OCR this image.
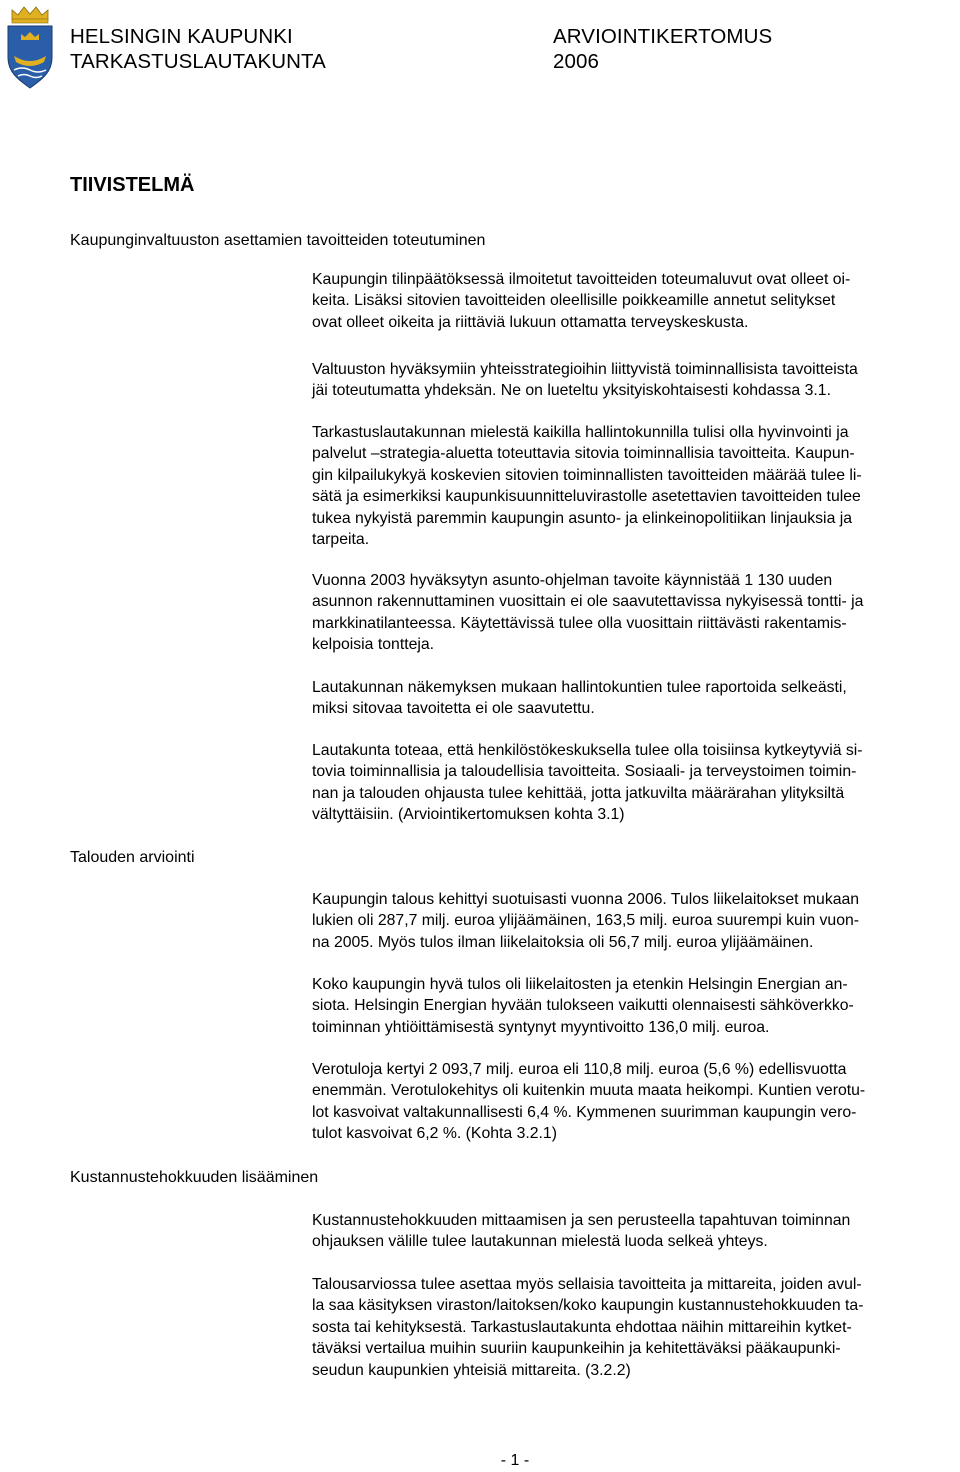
HELSINGIN KAUPUNKI
TARKASTUSLAUTAKUNTA
ARVIOINTIKERTOMUS
2006
TIIVISTELMÄ
Kaupunginvaltuuston asettamien tavoitteiden toteutuminen
Talouden arviointi
Kustannustehokkuuden lisääminen
Kaupungin tilinpäätöksessä ilmoitetut tavoitteiden toteumaluvut ovat olleet oi-
keita. Lisäksi sitovien tavoitteiden oleellisille poikkeamille annetut selitykset
ovat olleet oikeita ja riittäviä lukuun ottamatta terveyskeskusta.
Valtuuston hyväksymiin yhteisstrategioihin liittyvistä toiminnallisista tavoitteista
jäi toteutumatta yhdeksän. Ne on lueteltu yksityiskohtaisesti kohdassa 3.1.
Tarkastuslautakunnan mielestä kaikilla hallintokunnilla tulisi olla hyvinvointi ja
palvelut –strategia-aluetta toteuttavia sitovia toiminnallisia tavoitteita. Kaupun-
gin kilpailukykyä koskevien sitovien toiminnallisten tavoitteiden määrää tulee li-
sätä ja esimerkiksi kaupunkisuunnitteluvirastolle asetettavien tavoitteiden tulee
tukea nykyistä paremmin kaupungin asunto- ja elinkeinopolitiikan linjauksia ja
tarpeita.
Vuonna 2003 hyväksytyn asunto-ohjelman tavoite käynnistää 1 130 uuden
asunnon rakennuttaminen vuosittain ei ole saavutettavissa nykyisessä tontti- ja
markkinatilanteessa. Käytettävissä tulee olla vuosittain riittävästi rakentamis-
kelpoisia tontteja.
Lautakunnan näkemyksen mukaan hallintokuntien tulee raportoida selkeästi,
miksi sitovaa tavoitetta ei ole saavutettu.
Lautakunta toteaa, että henkilöstökeskuksella tulee olla toisiinsa kytkeytyviä si-
tovia toiminnallisia ja taloudellisia tavoitteita. Sosiaali- ja terveystoimen toimin-
nan ja talouden ohjausta tulee kehittää, jotta jatkuvilta määrärahan ylityksiltä
vältyttäisiin. (Arviointikertomuksen kohta 3.1)
Kaupungin talous kehittyi suotuisasti vuonna 2006. Tulos liikelaitokset mukaan
lukien oli 287,7 milj. euroa ylijäämäinen, 163,5 milj. euroa suurempi kuin vuon-
na 2005. Myös tulos ilman liikelaitoksia oli 56,7 milj. euroa ylijäämäinen.
Koko kaupungin hyvä tulos oli liikelaitosten ja etenkin Helsingin Energian an-
siota. Helsingin Energian hyvään tulokseen vaikutti olennaisesti sähköverkko-
toiminnan yhtiöittämisestä syntynyt myyntivoitto 136,0 milj. euroa.
Verotuloja kertyi 2 093,7 milj. euroa eli 110,8 milj. euroa (5,6 %) edellisvuotta
enemmän. Verotulokehitys oli kuitenkin muuta maata heikompi. Kuntien verotu-
lot kasvoivat valtakunnallisesti 6,4 %. Kymmenen suurimman kaupungin vero-
tulot kasvoivat 6,2 %. (Kohta 3.2.1)
Kustannustehokkuuden mittaamisen ja sen perusteella tapahtuvan toiminnan
ohjauksen välille tulee lautakunnan mielestä luoda selkeä yhteys.
Talousarviossa tulee asettaa myös sellaisia tavoitteita ja mittareita, joiden avul-
la saa käsityksen viraston/laitoksen/koko kaupungin kustannustehokkuuden ta-
sosta tai kehityksestä. Tarkastuslautakunta ehdottaa näihin mittareihin kytket-
täväksi vertailua muihin suuriin kaupunkeihin ja kehitettäväksi pääkaupunki-
seudun kaupunkien yhteisiä mittareita. (3.2.2)
- 1 -
